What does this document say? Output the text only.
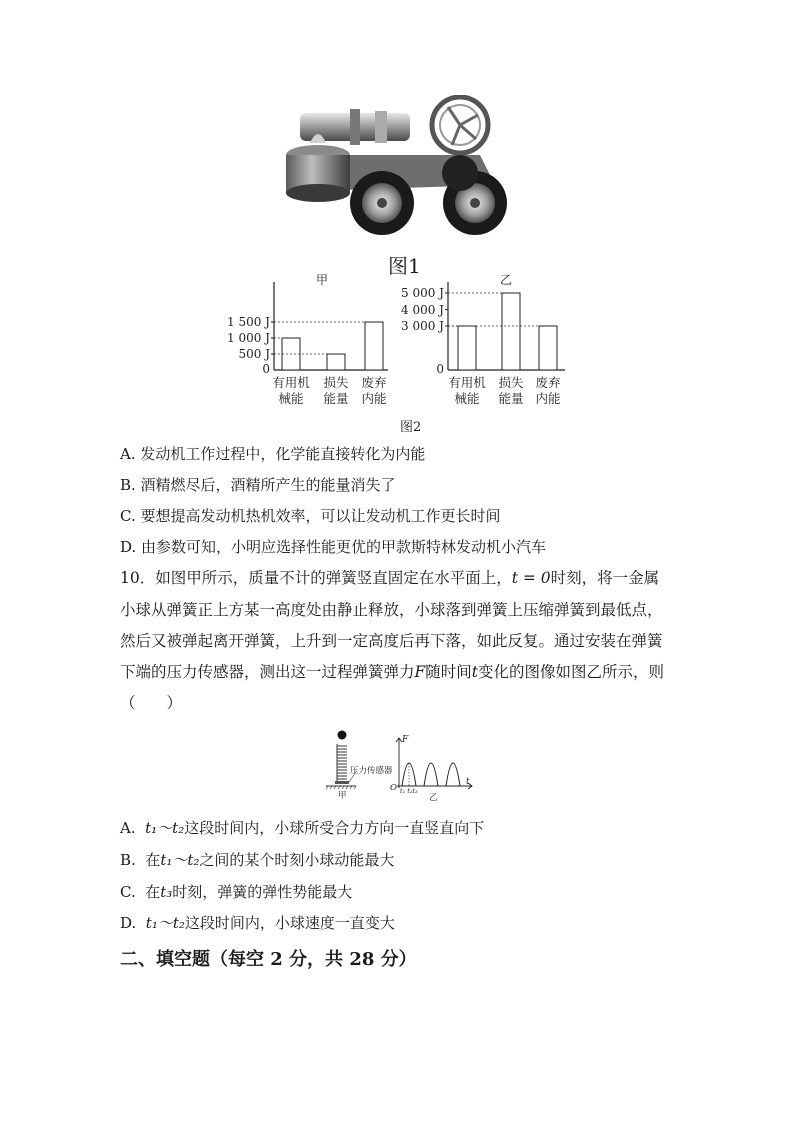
图1
甲
1 500 J
1 000 J
500 J
0
有用机
械能
损失
能量
废弃
内能
乙
5 000 J
4 000 J
3 000 J
0
有用机
械能
损失
能量
废弃
内能
图2
A. 发动机工作过程中，化学能直接转化为内能
B. 酒精燃尽后，酒精所产生的能量消失了
C. 要想提高发动机热机效率，可以让发动机工作更长时间
D. 由参数可知，小明应选择性能更优的甲款斯特林发动机小汽车
10．如图甲所示，质量不计的弹簧竖直固定在水平面上，t = 0时刻，将一金属
小球从弹簧正上方某一高度处由静止释放，小球落到弹簧上压缩弹簧到最低点，
然后又被弹起离开弹簧，上升到一定高度后再下落，如此反复。通过安装在弹簧
下端的压力传感器，测出这一过程弹簧弹力F随时间t变化的图像如图乙所示，则
（　　）
压力传感器
甲
F
t
O t₁ t₂t₃
乙
A.  t₁～t₂这段时间内，小球所受合力方向一直竖直向下
B.  在t₁～t₂之间的某个时刻小球动能最大
C.  在t₃时刻，弹簧的弹性势能最大
D.  t₁～t₂这段时间内，小球速度一直变大
二、填空题（每空 2 分，共 28 分）
